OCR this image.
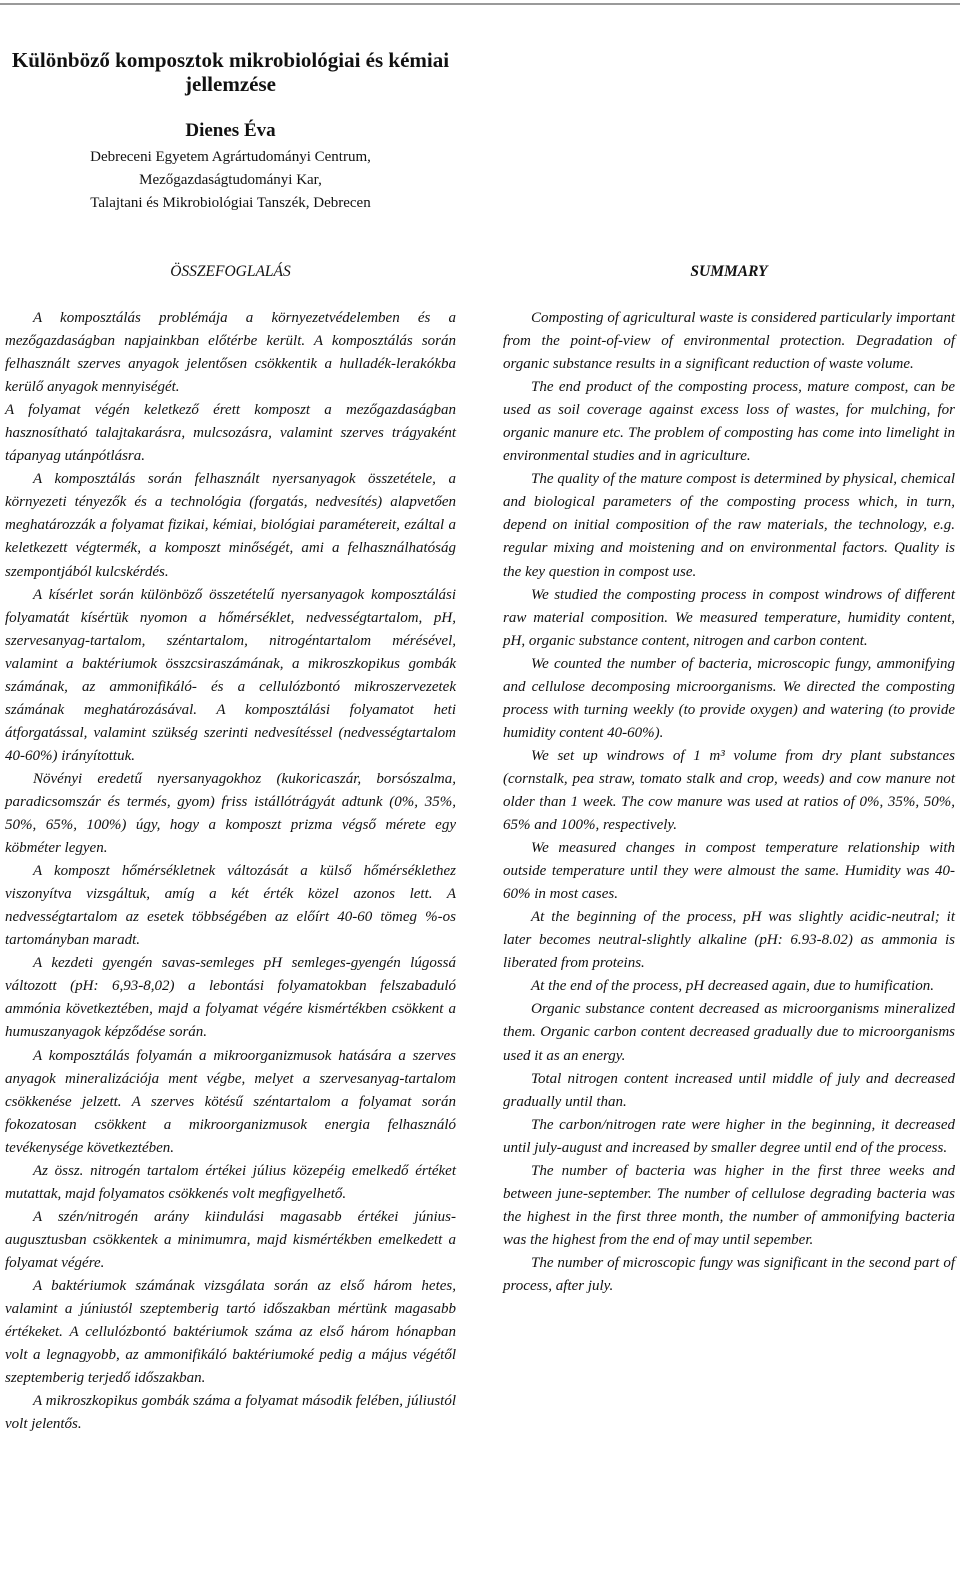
Különböző komposztok mikrobiológiai és kémiai jellemzése
Dienes Éva
Debreceni Egyetem Agrártudományi Centrum,
Mezőgazdaságtudományi Kar,
Talajtani és Mikrobiológiai Tanszék, Debrecen
ÖSSZEFOGLALÁS	SUMMARY

A komposztálás problémája a környezetvédelemben és a mezőgazdaságban napjainkban előtérbe került. A komposztálás során felhasznált szerves anyagok jelentősen csökkentik a hulladék-lerakókba kerülő anyagok mennyiségét.

A folyamat végén keletkező érett komposzt a mezőgazdaságban hasznosítható talajtakarásra, mulcsozásra, valamint szerves trágyaként tápanyag utánpótlásra.

A komposztálás során felhasznált nyersanyagok összetétele, a környezeti tényezők és a technológia (forgatás, nedvesítés) alapvetően meghatározzák a folyamat fizikai, kémiai, biológiai paramétereit, ezáltal a keletkezett végtermék, a komposzt minőségét, ami a felhasználhatóság szempontjából kulcskérdés.

A kísérlet során különböző összetételű nyersanyagok komposztálási folyamatát kísértük nyomon a hőmérséklet, nedvességtartalom, pH, szervesanyag-tartalom, széntartalom, nitrogéntartalom mérésével, valamint a baktériumok összcsiraszámának, a mikroszkopikus gombák számának, az ammonifikáló- és a cellulózbontó mikroszervezetek számának meghatározásával. A komposztálási folyamatot heti átforgatással, valamint szükség szerinti nedvesítéssel (nedvességtartalom 40-60%) irányítottuk.

Növényi eredetű nyersanyagokhoz (kukoricaszár, borsószalma, paradicsomszár és termés, gyom) friss istállótrágyát adtunk (0%, 35%, 50%, 65%, 100%) úgy, hogy a komposzt prizma végső mérete egy köbméter legyen.

A komposzt hőmérsékletnek változását a külső hőmérséklethez viszonyítva vizsgáltuk, amíg a két érték közel azonos lett. A nedvességtartalom az esetek többségében az előírt 40-60 tömeg %-os tartományban maradt.

A kezdeti gyengén savas-semleges pH semleges-gyengén lúgossá változott (pH: 6,93-8,02) a lebontási folyamatokban felszabaduló ammónia következtében, majd a folyamat végére kismértékben csökkent a humuszanyagok képződése során.

A komposztálás folyamán a mikroorganizmusok hatására a szerves anyagok mineralizációja ment végbe, melyet a szervesanyag-tartalom csökkenése jelzett. A szerves kötésű széntartalom a folyamat során fokozatosan csökkent a mikroorganizmusok energia felhasználó tevékenysége következtében.

Az össz. nitrogén tartalom értékei július közepéig emelkedő értéket mutattak, majd folyamatos csökkenés volt megfigyelhető.

A szén/nitrogén arány kiindulási magasabb értékei június-augusztusban csökkentek a minimumra, majd kismértékben emelkedett a folyamat végére.

A baktériumok számának vizsgálata során az első három hetes, valamint a júniustól szeptemberig tartó időszakban mértünk magasabb értékeket. A cellulózbontó baktériumok száma az első három hónapban volt a legnagyobb, az ammonifikáló baktériumoké pedig a május végétől szeptemberig terjedő időszakban.

A mikroszkopikus gombák száma a folyamat második felében, júliustól volt jelentős.

Composting of agricultural waste is considered particularly important from the point-of-view of environmental protection. Degradation of organic substance results in a significant reduction of waste volume.

The end product of the composting process, mature compost, can be used as soil coverage against excess loss of wastes, for mulching, for organic manure etc. The problem of composting has come into limelight in environmental studies and in agriculture.

The quality of the mature compost is determined by physical, chemical and biological parameters of the composting process which, in turn, depend on initial composition of the raw materials, the technology, e.g. regular mixing and moistening and on environmental factors. Quality is the key question in compost use.

We studied the composting process in compost windrows of different raw material composition. We measured temperature, humidity content, pH, organic substance content, nitrogen and carbon content.

We counted the number of bacteria, microscopic fungy, ammonifying and cellulose decomposing microorganisms. We directed the composting process with turning weekly (to provide oxygen) and watering (to provide humidity content 40-60%).

We set up windrows of 1 m³ volume from dry plant substances (cornstalk, pea straw, tomato stalk and crop, weeds) and cow manure not older than 1 week. The cow manure was used at ratios of 0%, 35%, 50%, 65% and 100%, respectively.

We measured changes in compost temperature relationship with outside temperature until they were almoust the same. Humidity was 40-60% in most cases.

At the beginning of the process, pH was slightly acidic-neutral; it later becomes neutral-slightly alkaline (pH: 6.93-8.02) as ammonia is liberated from proteins.

At the end of the process, pH decreased again, due to humification.

Organic substance content decreased as microorganisms mineralized them. Organic carbon content decreased gradually due to microorganisms used it as an energy.

Total nitrogen content increased until middle of july and decreased gradually until than.

The carbon/nitrogen rate were higher in the beginning, it decreased until july-august and increased by smaller degree until end of the process.

The number of bacteria was higher in the first three weeks and between june-september. The number of cellulose degrading bacteria was the highest in the first three month, the number of ammonifying bacteria was the highest from the end of may until sepember.

The number of microscopic fungy was significant in the second part of process, after july.
